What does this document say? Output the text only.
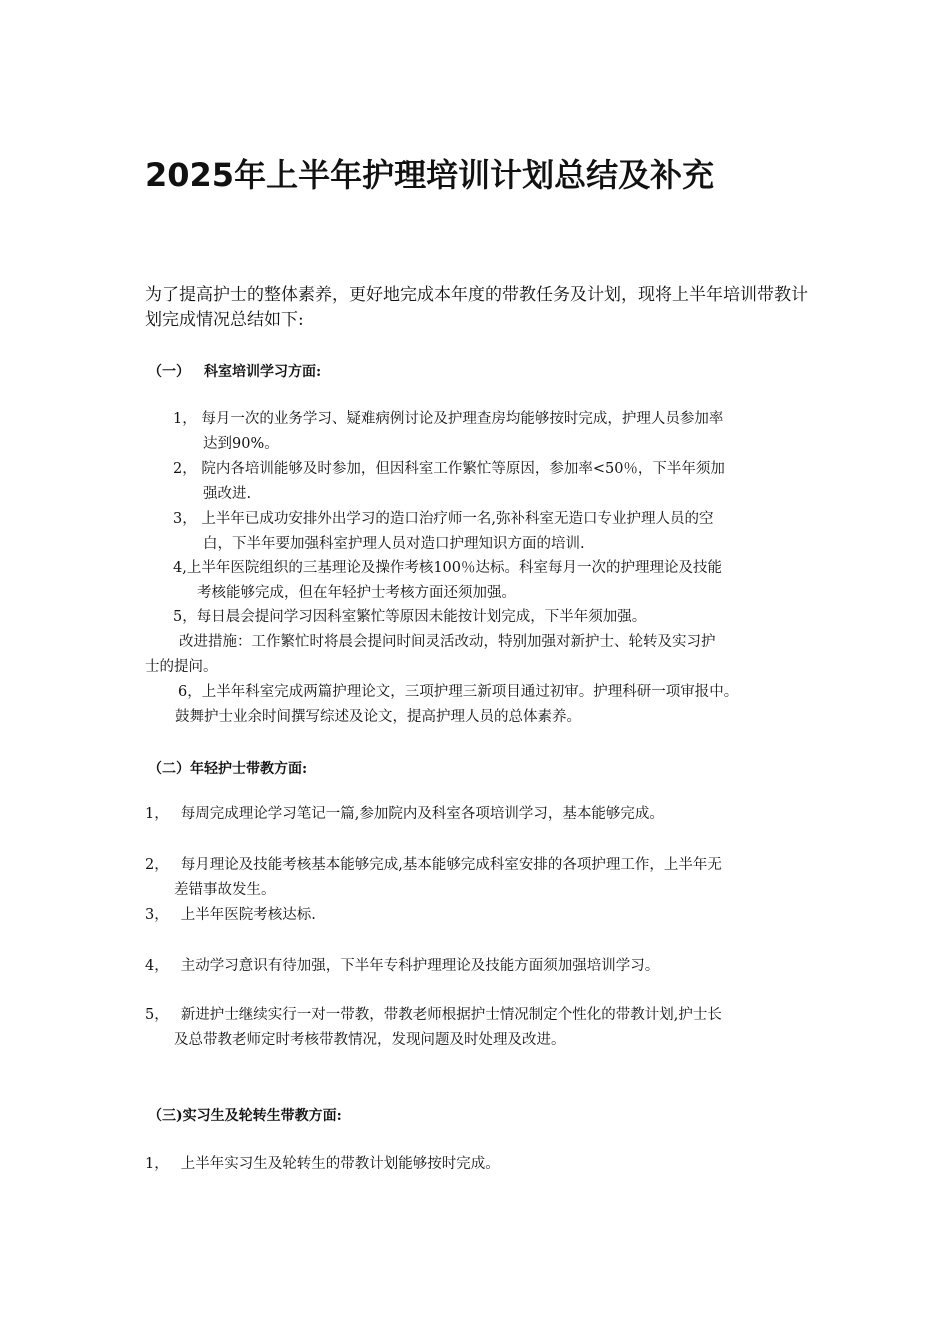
2025年上半年护理培训计划总结及补充
为了提高护士的整体素养，更好地完成本年度的带教任务及计划，现将上半年培训带教计划完成情况总结如下:
（一） 科室培训学习方面:
1， 每月一次的业务学习、疑难病例讨论及护理查房均能够按时完成，护理人员参加率
达到90%。
2， 院内各培训能够及时参加，但因科室工作繁忙等原因，参加率<50％，下半年须加
强改进.
3， 上半年已成功安排外出学习的造口治疗师一名,弥补科室无造口专业护理人员的空
白，下半年要加强科室护理人员对造口护理知识方面的培训.
4,上半年医院组织的三基理论及操作考核100％达标。科室每月一次的护理理论及技能
考核能够完成，但在年轻护士考核方面还须加强。
5，每日晨会提问学习因科室繁忙等原因未能按计划完成，下半年须加强。
改进措施：工作繁忙时将晨会提问时间灵活改动，特别加强对新护士、轮转及实习护
士的提问。
6，上半年科室完成两篇护理论文，三项护理三新项目通过初审。护理科研一项审报中。
鼓舞护士业余时间撰写综述及论文，提高护理人员的总体素养。
（二）年轻护士带教方面:
1， 每周完成理论学习笔记一篇,参加院内及科室各项培训学习，基本能够完成。
2， 每月理论及技能考核基本能够完成,基本能够完成科室安排的各项护理工作，上半年无
差错事故发生。
3， 上半年医院考核达标.
4， 主动学习意识有待加强，下半年专科护理理论及技能方面须加强培训学习。
5， 新进护士继续实行一对一带教，带教老师根据护士情况制定个性化的带教计划,护士长
及总带教老师定时考核带教情况，发现问题及时处理及改进。
（三)实习生及轮转生带教方面:
1， 上半年实习生及轮转生的带教计划能够按时完成。
